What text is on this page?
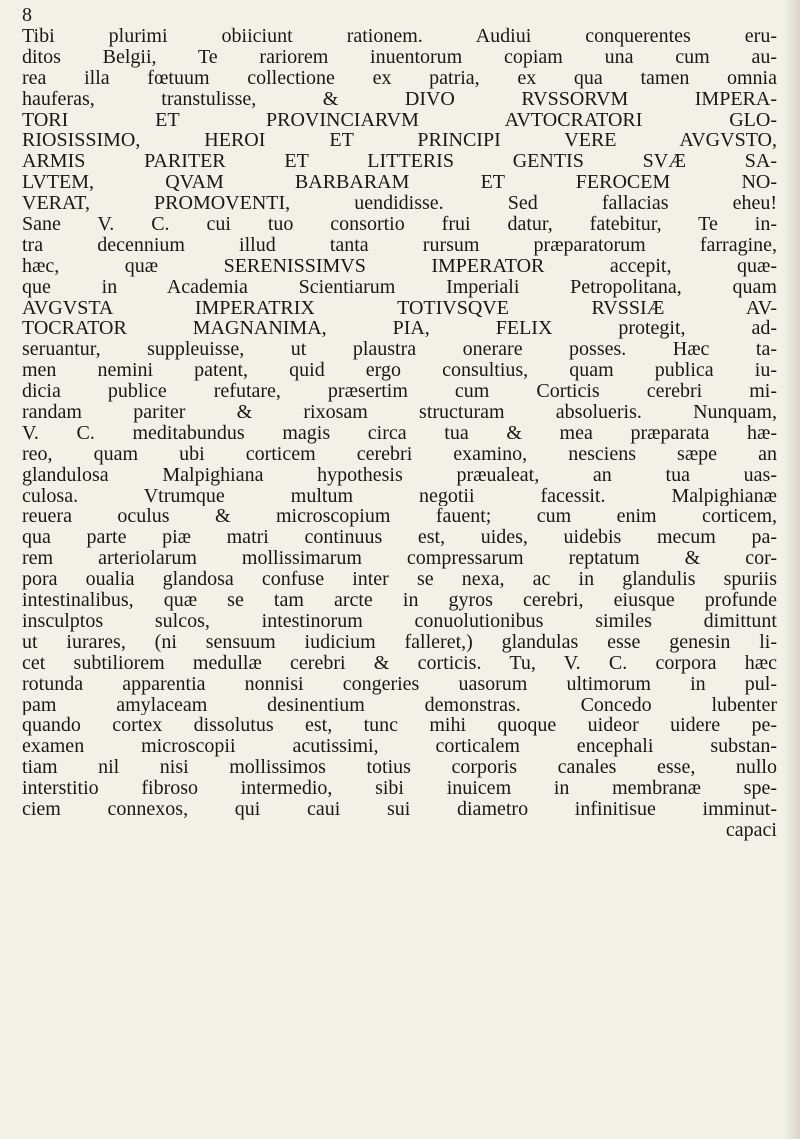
8
Tibi plurimi obiiciunt rationem. Audiui conquerentes eru-
ditos Belgii, Te rariorem inuentorum copiam una cum au-
rea illa fœtuum collectione ex patria, ex qua tamen omnia
hauferas, transtulisse, & DIVO RVSSORVM IMPERA-
TORI ET PROVINCIARVM AVTOCRATORI GLO-
RIOSISSIMO, HEROI ET PRINCIPI VERE AVGVSTO,
ARMIS PARITER ET LITTERIS GENTIS SVÆ SA-
LVTEM, QVAM BARBARAM ET FEROCEM NO-
VERAT, PROMOVENTI, uendidisse. Sed fallacias eheu!
Sane V. C. cui tuo consortio frui datur, fatebitur, Te in-
tra decennium illud tanta rursum præparatorum farragine,
hæc, quæ SERENISSIMVS IMPERATOR accepit, quæ-
que in Academia Scientiarum Imperiali Petropolitana, quam
AVGVSTA IMPERATRIX TOTIVSQVE RVSSIÆ AV-
TOCRATOR MAGNANIMA, PIA, FELIX protegit, ad-
seruantur, suppleuisse, ut plaustra onerare posses. Hæc ta-
men nemini patent, quid ergo consultius, quam publica iu-
dicia publice refutare, præsertim cum Corticis cerebri mi-
randam pariter & rixosam structuram absolueris. Nunquam,
V. C. meditabundus magis circa tua & mea præparata hæ-
reo, quam ubi corticem cerebri examino, nesciens sæpe an
glandulosa Malpighiana hypothesis præualeat, an tua uas-
culosa. Vtrumque multum negotii facessit. Malpighianæ
reuera oculus & microscopium fauent; cum enim corticem,
qua parte piæ matri continuus est, uides, uidebis mecum pa-
rem arteriolarum mollissimarum compressarum reptatum & cor-
pora oualia glandosa confuse inter se nexa, ac in glandulis spuriis
intestinalibus, quæ se tam arcte in gyros cerebri, eiusque profunde
insculptos sulcos, intestinorum conuolutionibus similes dimittunt
ut iurares, (ni sensuum iudicium falleret,) glandulas esse genesin li-
cet subtiliorem medullæ cerebri & corticis. Tu, V. C. corpora hæc
rotunda apparentia nonnisi congeries uasorum ultimorum in pul-
pam amylaceam desinentium demonstras. Concedo lubenter
quando cortex dissolutus est, tunc mihi quoque uideor uidere pe-
examen microscopii acutissimi, corticalem encephali substan-
tiam nil nisi mollissimos totius corporis canales esse, nullo
interstitio fibroso intermedio, sibi inuicem in membranæ spe-
ciem connexos, qui caui sui diametro infinitisue imminut-
capaci
